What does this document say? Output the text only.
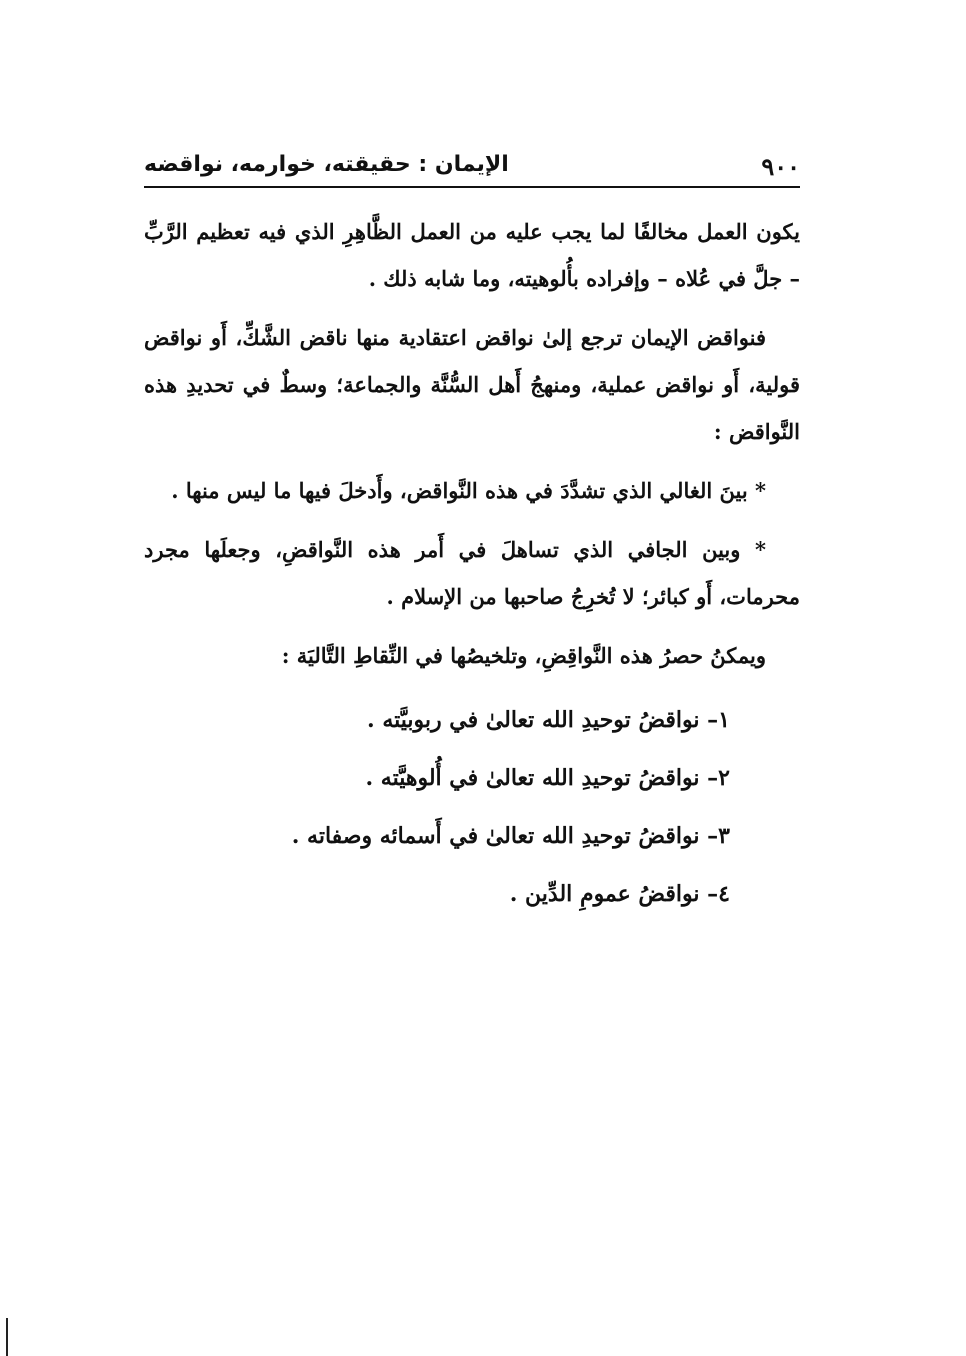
٩٠٠
الإيمان : حقيقته، خوارمه، نواقضه

يكون العمل مخالفًا لما يجب عليه من العمل الظَّاهِرِ الذي فيه تعظيم الرَّبِّ – جلَّ في عُلاه – وإفراده بأُلوهيته، وما شابه ذلك .

فنواقض الإيمان ترجع إلىٰ نواقض اعتقادية منها ناقض الشَّكِّ، أَو نواقض قولية، أَو نواقض عملية، ومنهجُ أَهل السُّنَّة والجماعة؛ وسطٌ في تحديدِ هذه النَّواقض :

* بينَ الغالي الذي تشدَّدَ في هذه النَّواقض، وأَدخلَ فيها ما ليس منها .

* وبين الجافي الذي تساهلَ في أَمر هذه النَّواقضِ، وجعلَها مجرد محرمات، أَو كبائر؛ لا تُخرِجُ صاحبها من الإسلام .

ويمكنُ حصرُ هذه النَّواقِضِ، وتلخيصُها في النِّقاطِ التَّاليَة :

١– نواقضُ توحيدِ الله تعالىٰ في ربوبيَّته .
٢– نواقضُ توحيدِ الله تعالىٰ في أُلوهيَّته .
٣– نواقضُ توحيدِ الله تعالىٰ في أَسمائه وصفاته .
٤– نواقضُ عمومِ الدِّين .
